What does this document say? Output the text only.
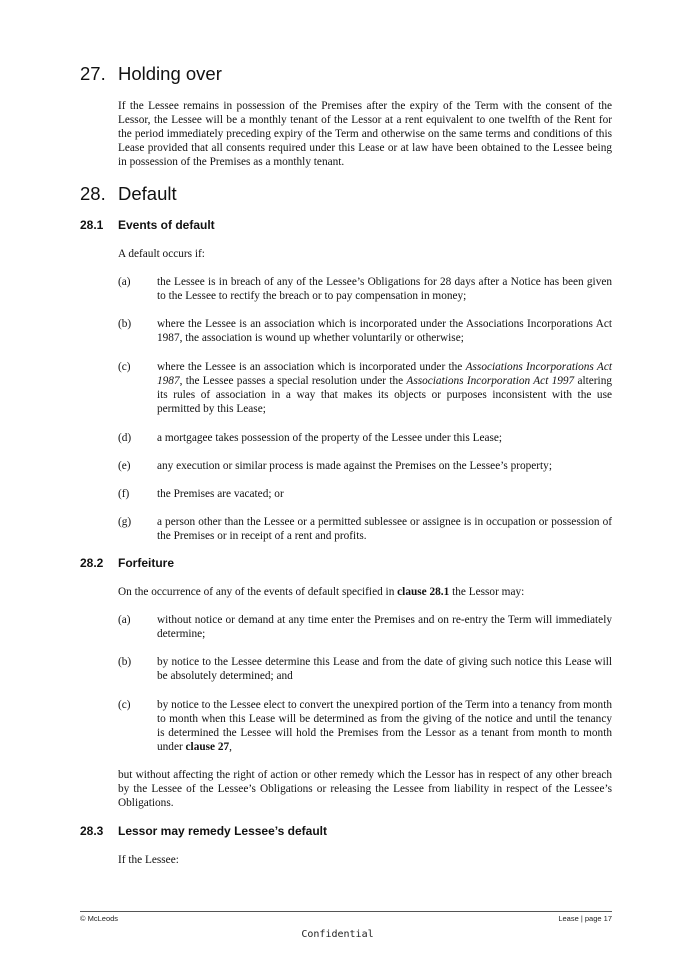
27. Holding over
If the Lessee remains in possession of the Premises after the expiry of the Term with the consent of the Lessor, the Lessee will be a monthly tenant of the Lessor at a rent equivalent to one twelfth of the Rent for the period immediately preceding expiry of the Term and otherwise on the same terms and conditions of this Lease provided that all consents required under this Lease or at law have been obtained to the Lessee being in possession of the Premises as a monthly tenant.
28. Default
28.1 Events of default
A default occurs if:
(a)	the Lessee is in breach of any of the Lessee’s Obligations for 28 days after a Notice has been given to the Lessee to rectify the breach or to pay compensation in money;
(b)	where the Lessee is an association which is incorporated under the Associations Incorporations Act 1987, the association is wound up whether voluntarily or otherwise;
(c)	where the Lessee is an association which is incorporated under the Associations Incorporations Act 1987, the Lessee passes a special resolution under the Associations Incorporation Act 1997 altering its rules of association in a way that makes its objects or purposes inconsistent with the use permitted by this Lease;
(d)	a mortgagee takes possession of the property of the Lessee under this Lease;
(e)	any execution or similar process is made against the Premises on the Lessee’s property;
(f)	the Premises are vacated; or
(g)	a person other than the Lessee or a permitted sublessee or assignee is in occupation or possession of the Premises or in receipt of a rent and profits.
28.2 Forfeiture
On the occurrence of any of the events of default specified in clause 28.1 the Lessor may:
(a)	without notice or demand at any time enter the Premises and on re-entry the Term will immediately determine;
(b)	by notice to the Lessee determine this Lease and from the date of giving such notice this Lease will be absolutely determined; and
(c)	by notice to the Lessee elect to convert the unexpired portion of the Term into a tenancy from month to month when this Lease will be determined as from the giving of the notice and until the tenancy is determined the Lessee will hold the Premises from the Lessor as a tenant from month to month under clause 27,
but without affecting the right of action or other remedy which the Lessor has in respect of any other breach by the Lessee of the Lessee’s Obligations or releasing the Lessee from liability in respect of the Lessee’s Obligations.
28.3 Lessor may remedy Lessee’s default
If the Lessee:
© McLeods	Lease | page 17
Confidential
